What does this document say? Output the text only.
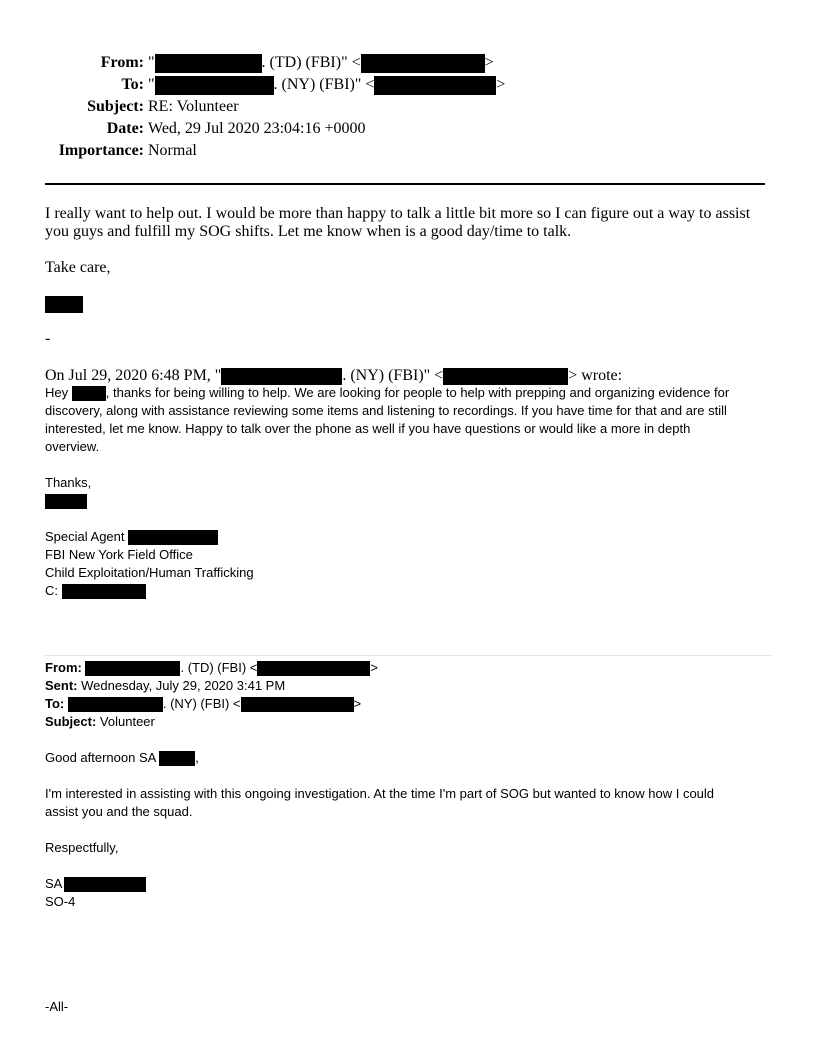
From: "	. (TD) (FBI)" <	>
To: "	. (NY) (FBI)" <	>
Subject: RE: Volunteer
Date: Wed, 29 Jul 2020 23:04:16 +0000
Importance: Normal
I really want to help out. I would be more than happy to talk a little bit more so I can figure out a way to assist
you guys and fulfill my SOG shifts. Let me know when is a good day/time to talk.
Take care,
-
On Jul 29, 2020 6:48 PM, "	. (NY) (FBI)" <	> wrote:
Hey	, thanks for being willing to help. We are looking for people to help with prepping and organizing evidence for
discovery, along with assistance reviewing some items and listening to recordings. If you have time for that and are still
interested, let me know. Happy to talk over the phone as well if you have questions or would like a more in depth
overview.
Thanks,
Special Agent
FBI New York Field Office
Child Exploitation/Human Trafficking
C:
From:	. (TD) (FBI) <	>
Sent: Wednesday, July 29, 2020 3:41 PM
To:	. (NY) (FBI) <	>
Subject: Volunteer
Good afternoon SA	,
I'm interested in assisting with this ongoing investigation. At the time I'm part of SOG but wanted to know how I could
assist you and the squad.
Respectfully,
SA
SO-4
-All-
